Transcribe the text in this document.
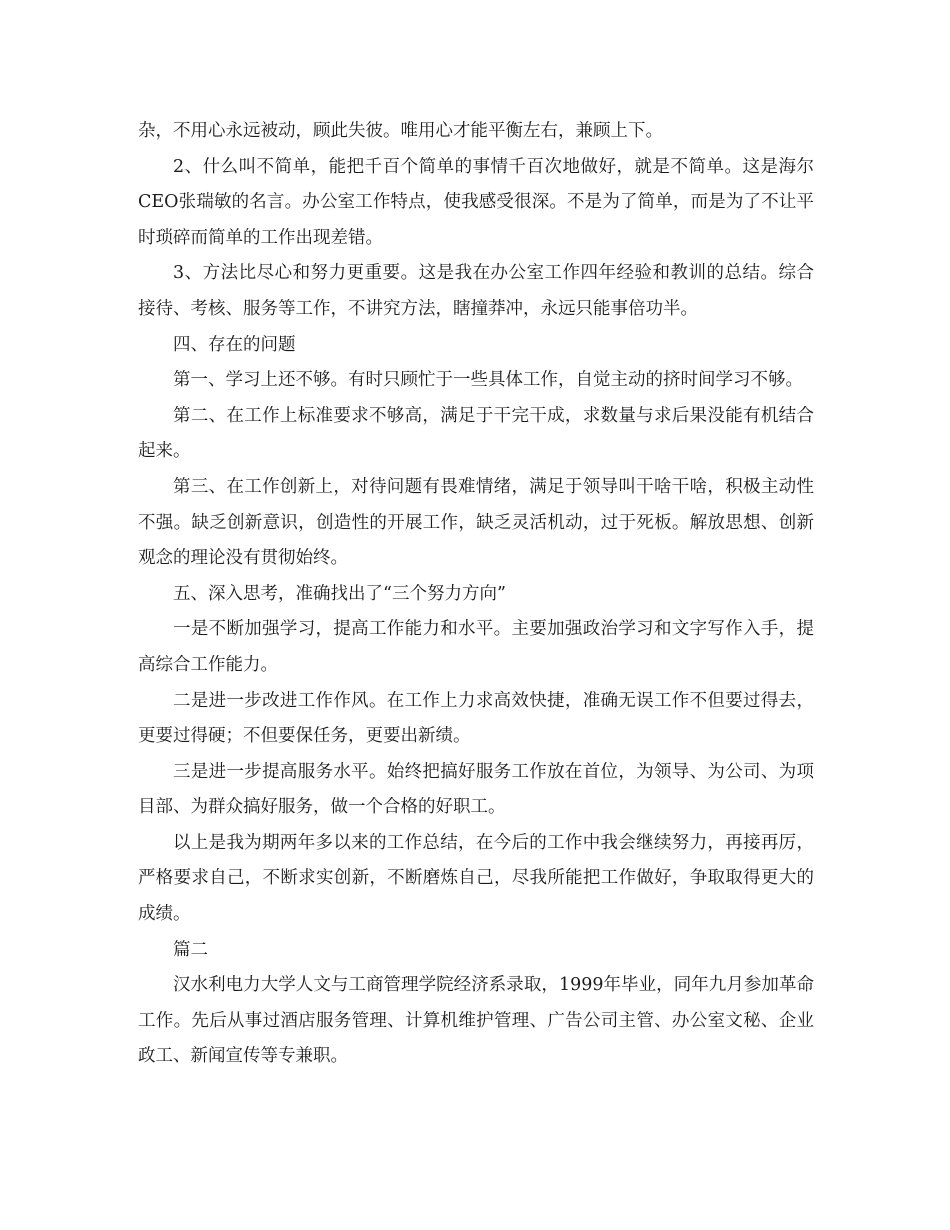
杂，不用心永远被动，顾此失彼。唯用心才能平衡左右，兼顾上下。

2、什么叫不简单，能把千百个简单的事情千百次地做好，就是不简单。这是海尔CEO张瑞敏的名言。办公室工作特点，使我感受很深。不是为了简单，而是为了不让平时琐碎而简单的工作出现差错。

3、方法比尽心和努力更重要。这是我在办公室工作四年经验和教训的总结。综合接待、考核、服务等工作，不讲究方法，瞎撞莽冲，永远只能事倍功半。

四、存在的问题

第一、学习上还不够。有时只顾忙于一些具体工作，自觉主动的挤时间学习不够。

第二、在工作上标准要求不够高，满足于干完干成，求数量与求后果没能有机结合起来。

第三、在工作创新上，对待问题有畏难情绪，满足于领导叫干啥干啥，积极主动性不强。缺乏创新意识，创造性的开展工作，缺乏灵活机动，过于死板。解放思想、创新观念的理论没有贯彻始终。

五、深入思考，准确找出了“三个努力方向”

一是不断加强学习，提高工作能力和水平。主要加强政治学习和文字写作入手，提高综合工作能力。

二是进一步改进工作作风。在工作上力求高效快捷，准确无误工作不但要过得去，更要过得硬；不但要保任务，更要出新绩。

三是进一步提高服务水平。始终把搞好服务工作放在首位，为领导、为公司、为项目部、为群众搞好服务，做一个合格的好职工。

以上是我为期两年多以来的工作总结，在今后的工作中我会继续努力，再接再厉，严格要求自己，不断求实创新，不断磨炼自己，尽我所能把工作做好，争取取得更大的成绩。

篇二

汉水利电力大学人文与工商管理学院经济系录取，1999年毕业，同年九月参加革命工作。先后从事过酒店服务管理、计算机维护管理、广告公司主管、办公室文秘、企业政工、新闻宣传等专兼职。
